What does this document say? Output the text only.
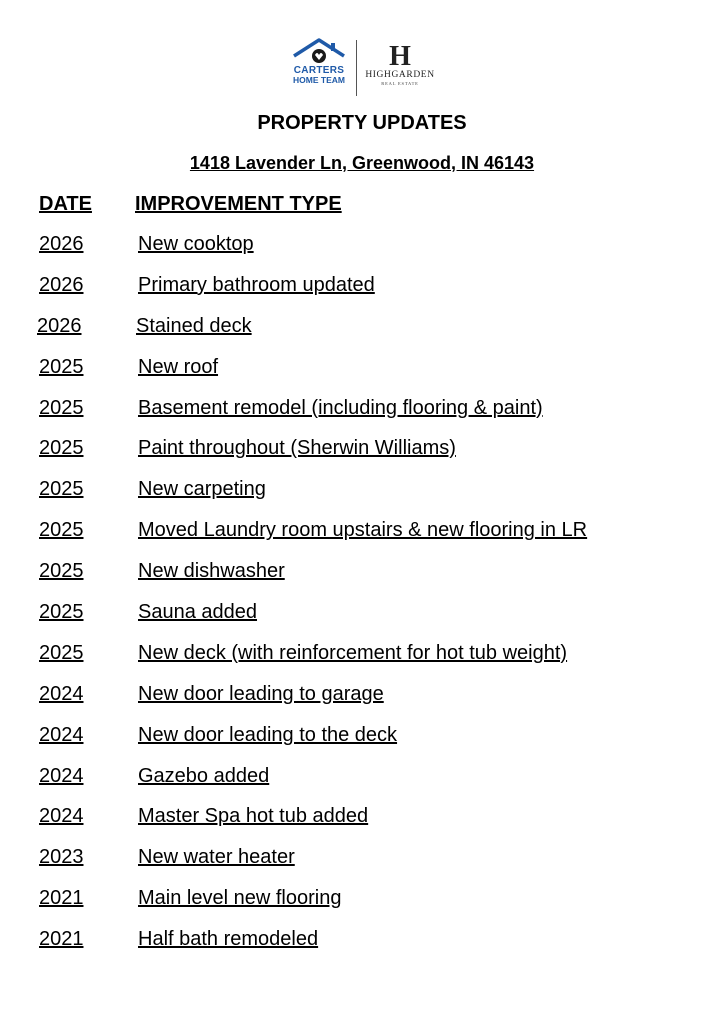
CARTERS
HOME TEAM
H
HIGHGARDEN
REAL ESTATE
PROPERTY UPDATES
1418 Lavender Ln, Greenwood, IN 46143
DATE IMPROVEMENT TYPE
2026	New cooktop
2026	Primary bathroom updated
2026	Stained deck
2025	New roof
2025	Basement remodel (including flooring & paint)
2025	Paint throughout (Sherwin Williams)
2025	New carpeting
2025	Moved Laundry room upstairs & new flooring in LR
2025	New dishwasher
2025	Sauna added
2025	New deck (with reinforcement for hot tub weight)
2024	New door leading to garage
2024	New door leading to the deck
2024	Gazebo added
2024	Master Spa hot tub added
2023	New water heater
2021	Main level new flooring
2021	Half bath remodeled
